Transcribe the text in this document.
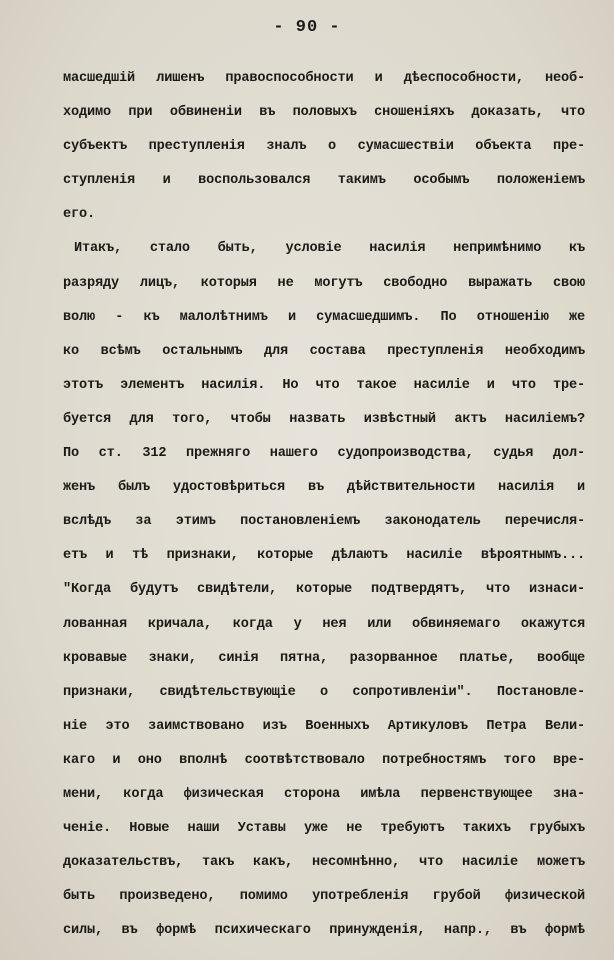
- 90 -
масшедшій лишенъ правоспособности и дѣеспособности, необ-
ходимо при обвиненіи въ половыхъ сношеніяхъ доказать, что
субъектъ преступленія зналъ о сумасшествіи объекта пре-
ступленія и воспользовался такимъ особымъ положеніемъ
его.
Итакъ, стало быть, условіе насилія непримѣнимо къ
разряду лицъ, которыя не могутъ свободно выражать свою
волю - къ малолѣтнимъ и сумасшедшимъ. По отношенію же
ко всѣмъ остальнымъ для состава преступленія необходимъ
этотъ элементъ насилія. Но что такое насиліе и что тре-
буется для того, чтобы назвать извѣстный актъ насиліемъ?
По ст. 312 прежняго нашего судопроизводства, судья дол-
женъ былъ удостовѣриться въ дѣйствительности насилія и
вслѣдъ за этимъ постановленіемъ законодатель перечисля-
етъ и тѣ признаки, которые дѣлаютъ насиліе вѣроятнымъ...
"Когда будутъ свидѣтели, которые подтвердятъ, что изнаси-
лованная кричала, когда у нея или обвиняемаго окажутся
кровавые знаки, синія пятна, разорванное платье, вообще
признаки, свидѣтельствующіе о сопротивленіи". Постановле-
ніе это заимствовано изъ Военныхъ Артикуловъ Петра Вели-
каго и оно вполнѣ соотвѣтствовало потребностямъ того вре-
мени, когда физическая сторона имѣла первенствующее зна-
ченіе. Новые наши Уставы уже не требуютъ такихъ грубыхъ
доказательствъ, такъ какъ, несомнѣнно, что насиліе можетъ
быть произведено, помимо употребленія грубой физической
силы, въ формѣ психическаго принужденія, напр., въ формѣ
